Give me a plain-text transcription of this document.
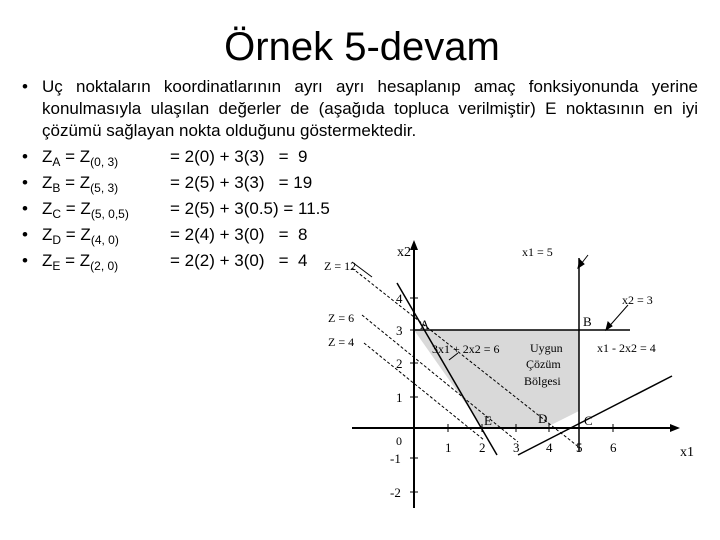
Örnek 5-devam
• Uç noktaların koordinatlarının ayrı ayrı hesaplanıp amaç fonksiyonunda yerine konulmasıyla ulaşılan değerler de (aşağıda topluca verilmiştir) E noktasının en iyi çözümü sağlayan nokta olduğunu göstermektedir.
• $Z_A = Z_{(0, 3)}$	= 2(0) + 3(3)   =  9
• $Z_B = Z_{(5, 3)}$	= 2(5) + 3(3)   = 19
• $Z_C = Z_{(5, 0,5)} = 2(5) + 3(0.5) = 11.5$
• $Z_D = Z_{(4, 0)}$	= 2(4) + 3(0)   =  8
• $Z_E = Z_{(2, 0)}$	= 2(2) + 3(0)   =  4	x1 = 5
x2 = 3
3x1 + 2x2 = 6	x1 - 2x2 = 4
Z = 12
Z = 6
Z = 4	Uygun
Çözüm
Bölgesi
A	B
C
D
E
x2
x1
0	1 2 3 4 5 6
1
2
3
4
-1
-2
